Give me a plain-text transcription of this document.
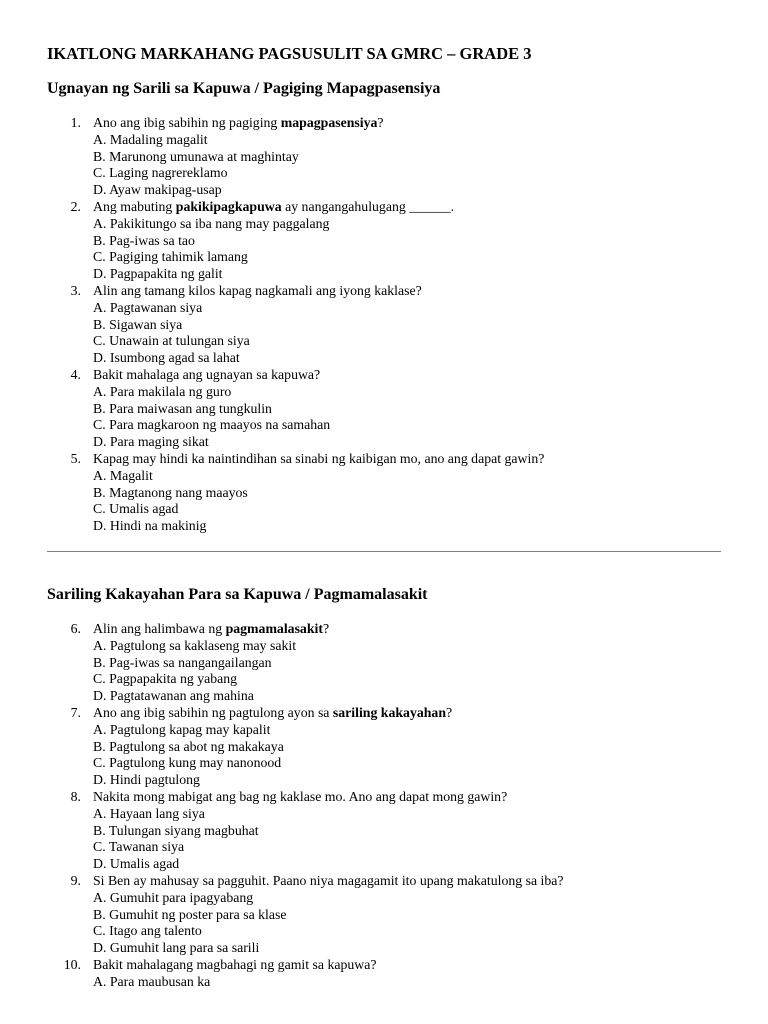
IKATLONG MARKAHANG PAGSUSULIT SA GMRC – GRADE 3
Ugnayan ng Sarili sa Kapuwa / Pagiging Mapagpasensiya
1. Ano ang ibig sabihin ng pagiging mapagpasensiya?
A. Madaling magalit
B. Marunong umunawa at maghintay
C. Laging nagrereklamo
D. Ayaw makipag-usap
2. Ang mabuting pakikipagkapuwa ay nangangahulugang ______.
A. Pakikitungo sa iba nang may paggalang
B. Pag-iwas sa tao
C. Pagiging tahimik lamang
D. Pagpapakita ng galit
3. Alin ang tamang kilos kapag nagkamali ang iyong kaklase?
A. Pagtawanan siya
B. Sigawan siya
C. Unawain at tulungan siya
D. Isumbong agad sa lahat
4. Bakit mahalaga ang ugnayan sa kapuwa?
A. Para makilala ng guro
B. Para maiwasan ang tungkulin
C. Para magkaroon ng maayos na samahan
D. Para maging sikat
5. Kapag may hindi ka naintindihan sa sinabi ng kaibigan mo, ano ang dapat gawin?
A. Magalit
B. Magtanong nang maayos
C. Umalis agad
D. Hindi na makinig
Sariling Kakayahan Para sa Kapuwa / Pagmamalasakit
6. Alin ang halimbawa ng pagmamalasakit?
A. Pagtulong sa kaklaseng may sakit
B. Pag-iwas sa nangangailangan
C. Pagpapakita ng yabang
D. Pagtatawanan ang mahina
7. Ano ang ibig sabihin ng pagtulong ayon sa sariling kakayahan?
A. Pagtulong kapag may kapalit
B. Pagtulong sa abot ng makakaya
C. Pagtulong kung may nanonood
D. Hindi pagtulong
8. Nakita mong mabigat ang bag ng kaklase mo. Ano ang dapat mong gawin?
A. Hayaan lang siya
B. Tulungan siyang magbuhat
C. Tawanan siya
D. Umalis agad
9. Si Ben ay mahusay sa pagguhit. Paano niya magagamit ito upang makatulong sa iba?
A. Gumuhit para ipagyabang
B. Gumuhit ng poster para sa klase
C. Itago ang talento
D. Gumuhit lang para sa sarili
10. Bakit mahalagang magbahagi ng gamit sa kapuwa?
A. Para maubusan ka
